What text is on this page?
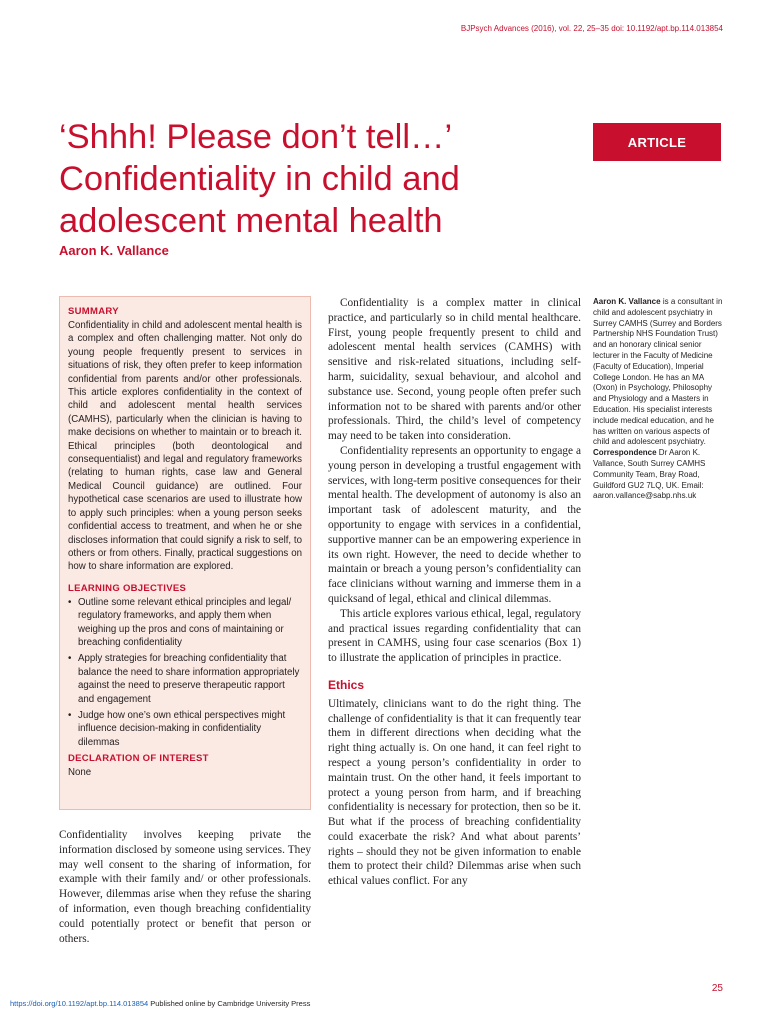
BJPsych Advances (2016), vol. 22, 25–35 doi: 10.1192/apt.bp.114.013854
‘Shhh! Please don’t tell…’
Confidentiality in child and
adolescent mental health
Aaron K. Vallance
ARTICLE
SUMMARY

Confidentiality in child and adolescent mental health is a complex and often challenging matter. Not only do young people frequently present to services in situations of risk, they often prefer to keep information confidential from parents and/or other professionals. This article explores confidentiality in the context of child and adolescent mental health services (CAMHS), particularly when the clinician is having to make decisions on whether to maintain or to breach it. Ethical principles (both deontological and consequentialist) and legal and regulatory frameworks (relating to human rights, case law and General Medical Council guidance) are outlined. Four hypothetical case scenarios are used to illustrate how to apply such principles: when a young person seeks confidential access to treatment, and when he or she discloses information that could signify a risk to self, to others or from others. Finally, practical suggestions on how to share information are explored.

LEARNING OBJECTIVES
• Outline some relevant ethical principles and legal/ regulatory frameworks, and apply them when weighing up the pros and cons of maintaining or breaching confidentiality
• Apply strategies for breaching confidentiality that balance the need to share information appropriately against the need to preserve therapeutic rapport and engagement
• Judge how one’s own ethical perspectives might influence decision-making in confidentiality dilemmas
DECLARATION OF INTEREST

None

Confidentiality involves keeping private the information disclosed by someone using services. They may well consent to the sharing of information, for example with their family and/ or other professionals. However, dilemmas arise when they refuse the sharing of information, even though breaching confidentiality could potentially protect or benefit that person or others.

Confidentiality is a complex matter in clinical practice, and particularly so in child mental healthcare. First, young people frequently present to child and adolescent mental health services (CAMHS) with sensitive and risk-related situations, including self-harm, suicidality, sexual behaviour, and alcohol and substance use. Second, young people often prefer such information not to be shared with parents and/or other professionals. Third, the child’s level of competency may need to be taken into consideration.

Confidentiality represents an opportunity to engage a young person in developing a trustful engagement with services, with long-term positive consequences for their mental health. The development of autonomy is also an important task of adolescent maturity, and the opportunity to engage with services in a confidential, supportive manner can be an empowering experience in its own right. However, the need to decide whether to maintain or breach a young person’s confidentiality can face clinicians without warning and immerse them in a quicksand of legal, ethical and clinical dilemmas.

This article explores various ethical, legal, regulatory and practical issues regarding confidentiality that can present in CAMHS, using four case scenarios (Box 1) to illustrate the application of principles in practice.

Ethics

Ultimately, clinicians want to do the right thing. The challenge of confidentiality is that it can frequently tear them in different directions when deciding what the right thing actually is. On one hand, it can feel right to respect a young person’s confidentiality in order to maintain trust. On the other hand, it feels important to protect a young person from harm, and if breaching confidentiality is necessary for protection, then so be it. But what if the process of breaching confidentiality could exacerbate the risk? And what about parents’ rights – should they not be given information to enable them to protect their child? Dilemmas arise when such ethical values conflict. For any

Aaron K. Vallance is a consultant in child and adolescent psychiatry in Surrey CAMHS (Surrey and Borders Partnership NHS Foundation Trust) and an honorary clinical senior lecturer in the Faculty of Medicine (Faculty of Education), Imperial College London. He has an MA (Oxon) in Psychology, Philosophy and Physiology and a Masters in Education. His specialist interests include medical education, and he has written on various aspects of child and adolescent psychiatry.

Correspondence Dr Aaron K. Vallance, South Surrey CAMHS Community Team, Bray Road, Guildford GU2 7LQ, UK. Email: aaron.vallance@sabp.nhs.uk

25
https://doi.org/10.1192/apt.bp.114.013854 Published online by Cambridge University Press
